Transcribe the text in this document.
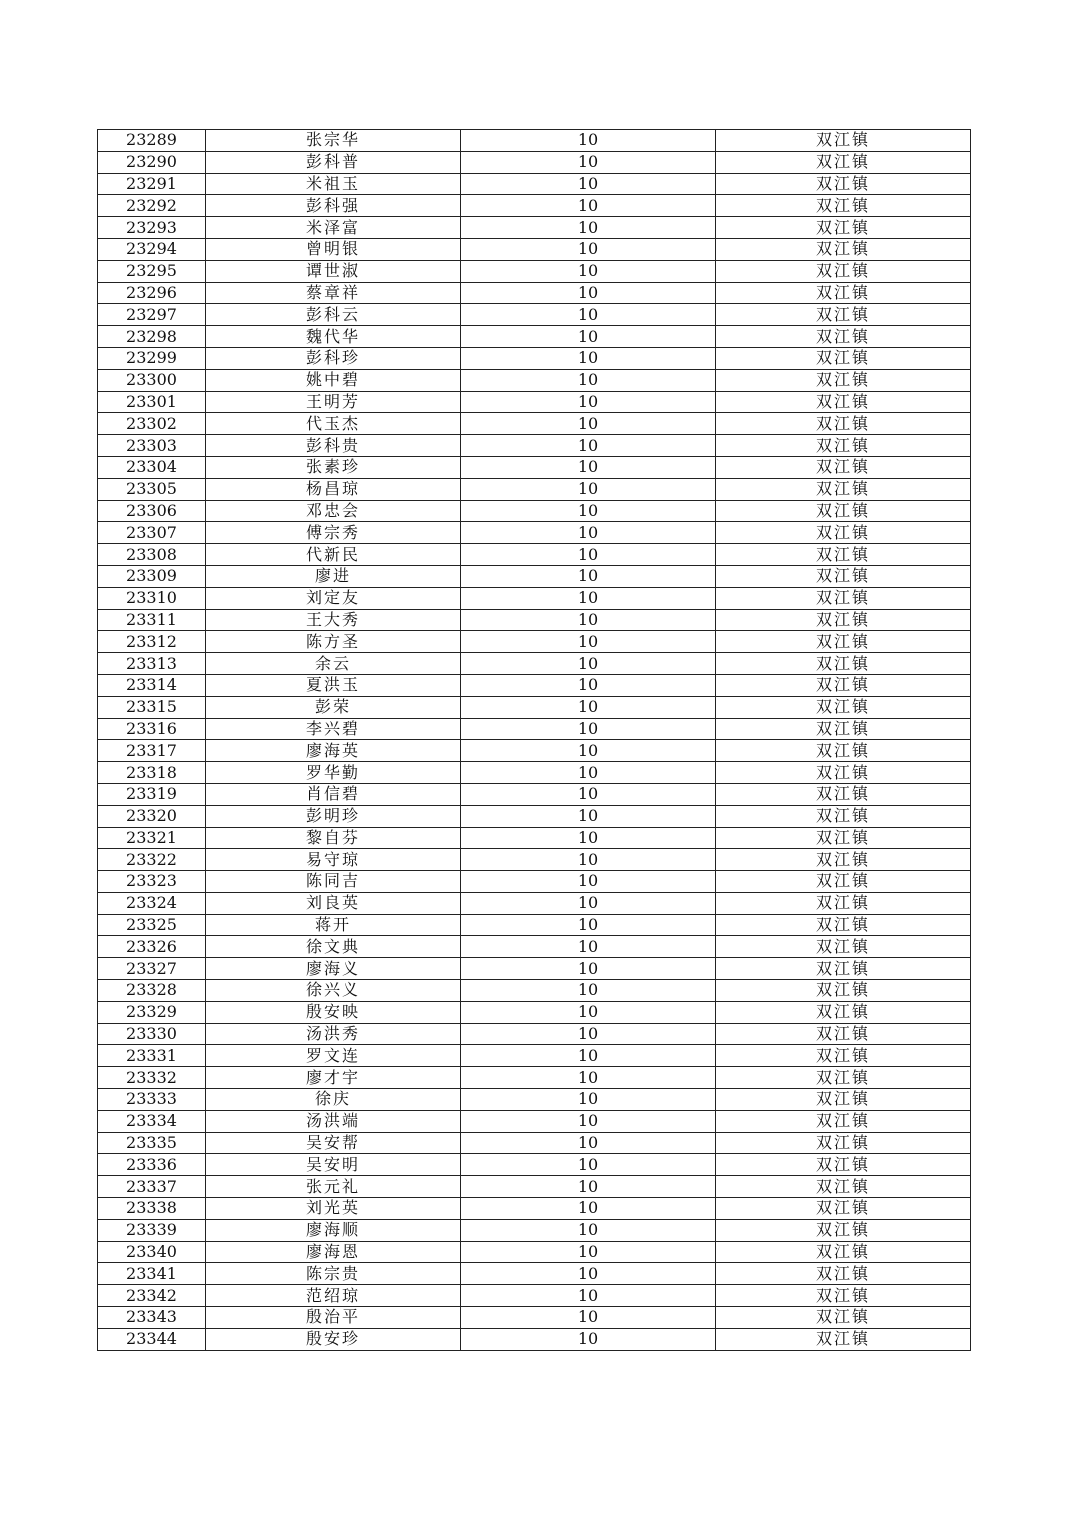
23289	张宗华	10	双江镇
23290	彭科普	10	双江镇
23291	米祖玉	10	双江镇
23292	彭科强	10	双江镇
23293	米泽富	10	双江镇
23294	曾明银	10	双江镇
23295	谭世淑	10	双江镇
23296	蔡章祥	10	双江镇
23297	彭科云	10	双江镇
23298	魏代华	10	双江镇
23299	彭科珍	10	双江镇
23300	姚中碧	10	双江镇
23301	王明芳	10	双江镇
23302	代玉杰	10	双江镇
23303	彭科贵	10	双江镇
23304	张素珍	10	双江镇
23305	杨昌琼	10	双江镇
23306	邓忠会	10	双江镇
23307	傅宗秀	10	双江镇
23308	代新民	10	双江镇
23309	廖进	10	双江镇
23310	刘定友	10	双江镇
23311	王大秀	10	双江镇
23312	陈方圣	10	双江镇
23313	余云	10	双江镇
23314	夏洪玉	10	双江镇
23315	彭荣	10	双江镇
23316	李兴碧	10	双江镇
23317	廖海英	10	双江镇
23318	罗华勤	10	双江镇
23319	肖信碧	10	双江镇
23320	彭明珍	10	双江镇
23321	黎自芬	10	双江镇
23322	易守琼	10	双江镇
23323	陈同吉	10	双江镇
23324	刘良英	10	双江镇
23325	蒋开	10	双江镇
23326	徐文典	10	双江镇
23327	廖海义	10	双江镇
23328	徐兴义	10	双江镇
23329	殷安映	10	双江镇
23330	汤洪秀	10	双江镇
23331	罗文连	10	双江镇
23332	廖才宇	10	双江镇
23333	徐庆	10	双江镇
23334	汤洪端	10	双江镇
23335	吴安帮	10	双江镇
23336	吴安明	10	双江镇
23337	张元礼	10	双江镇
23338	刘光英	10	双江镇
23339	廖海顺	10	双江镇
23340	廖海恩	10	双江镇
23341	陈宗贵	10	双江镇
23342	范绍琼	10	双江镇
23343	殷治平	10	双江镇
23344	殷安珍	10	双江镇
